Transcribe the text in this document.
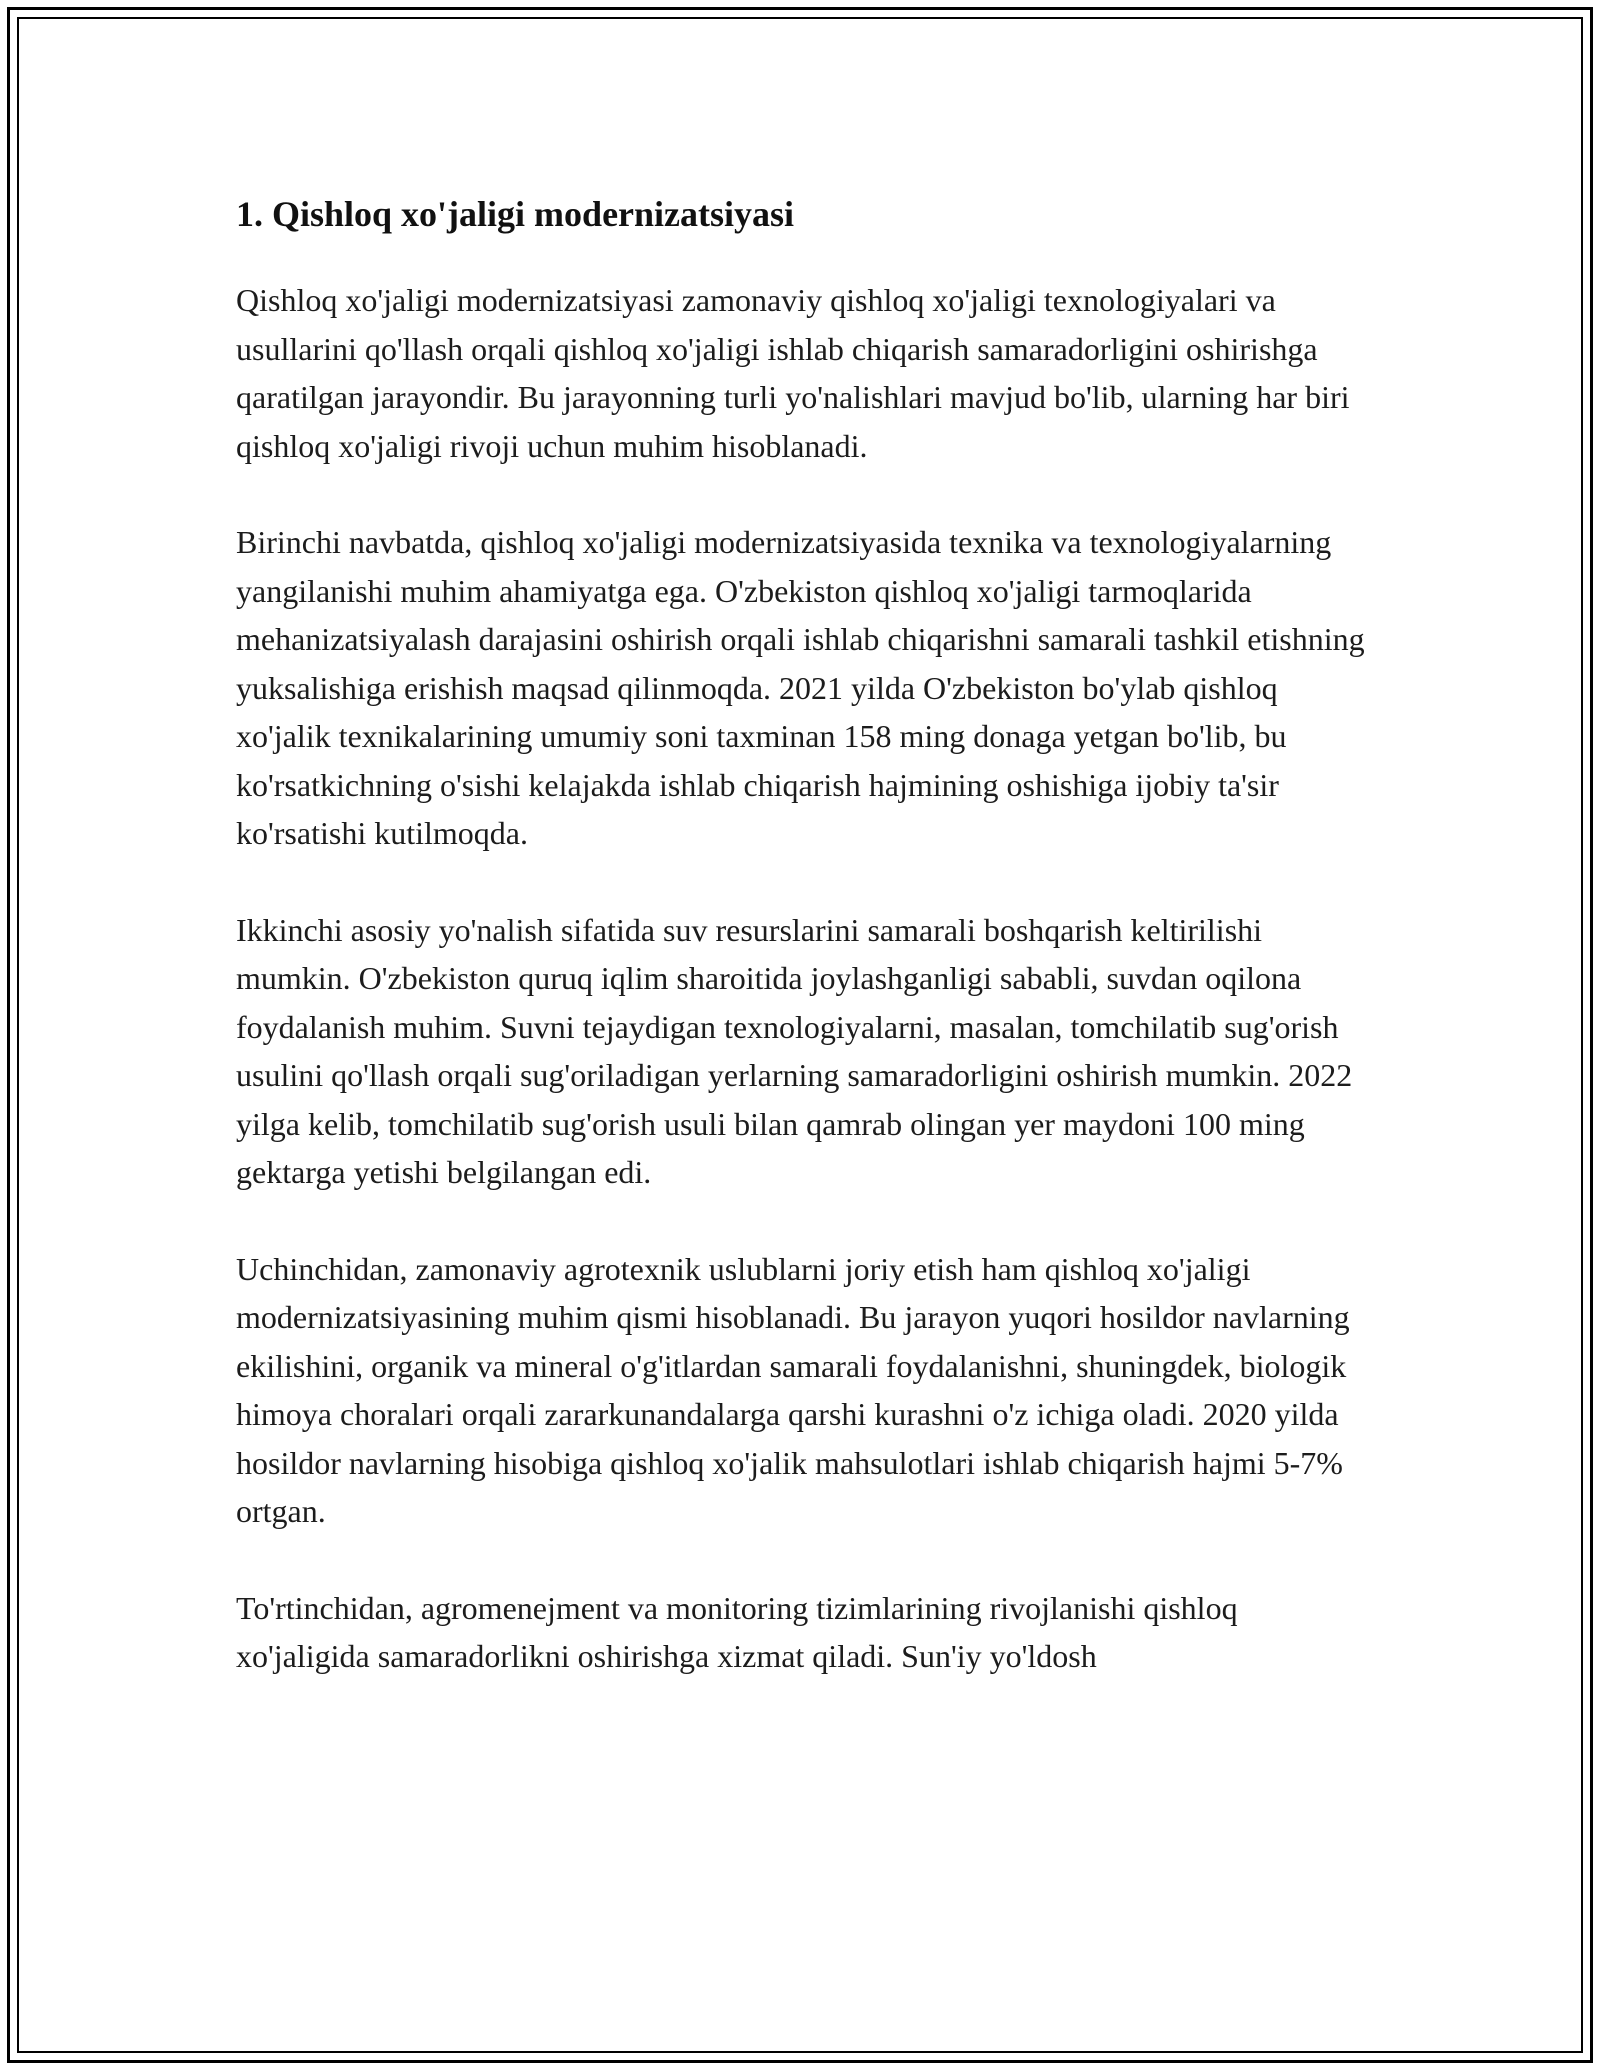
1. Qishloq xo'jaligi modernizatsiyasi

Qishloq xo'jaligi modernizatsiyasi zamonaviy qishloq xo'jaligi texnologiyalari va usullarini qo'llash orqali qishloq xo'jaligi ishlab chiqarish samaradorligini oshirishga qaratilgan jarayondir. Bu jarayonning turli yo'nalishlari mavjud bo'lib, ularning har biri qishloq xo'jaligi rivoji uchun muhim hisoblanadi.

Birinchi navbatda, qishloq xo'jaligi modernizatsiyasida texnika va texnologiyalarning yangilanishi muhim ahamiyatga ega. O'zbekiston qishloq xo'jaligi tarmoqlarida mehanizatsiyalash darajasini oshirish orqali ishlab chiqarishni samarali tashkil etishning yuksalishiga erishish maqsad qilinmoqda. 2021 yilda O'zbekiston bo'ylab qishloq xo'jalik texnikalarining umumiy soni taxminan 158 ming donaga yetgan bo'lib, bu ko'rsatkichning o'sishi kelajakda ishlab chiqarish hajmining oshishiga ijobiy ta'sir ko'rsatishi kutilmoqda.

Ikkinchi asosiy yo'nalish sifatida suv resurslarini samarali boshqarish keltirilishi mumkin. O'zbekiston quruq iqlim sharoitida joylashganligi sababli, suvdan oqilona foydalanish muhim. Suvni tejaydigan texnologiyalarni, masalan, tomchilatib sug'orish usulini qo'llash orqali sug'oriladigan yerlarning samaradorligini oshirish mumkin. 2022 yilga kelib, tomchilatib sug'orish usuli bilan qamrab olingan yer maydoni 100 ming gektarga yetishi belgilangan edi.

Uchinchidan, zamonaviy agrotexnik uslublarni joriy etish ham qishloq xo'jaligi modernizatsiyasining muhim qismi hisoblanadi. Bu jarayon yuqori hosildor navlarning ekilishini, organik va mineral o'g'itlardan samarali foydalanishni, shuningdek, biologik himoya choralari orqali zararkunandalarga qarshi kurashni o'z ichiga oladi. 2020 yilda hosildor navlarning hisobiga qishloq xo'jalik mahsulotlari ishlab chiqarish hajmi 5-7% ortgan.

To'rtinchidan, agromenejment va monitoring tizimlarining rivojlanishi qishloq xo'jaligida samaradorlikni oshirishga xizmat qiladi. Sun'iy yo'ldosh
